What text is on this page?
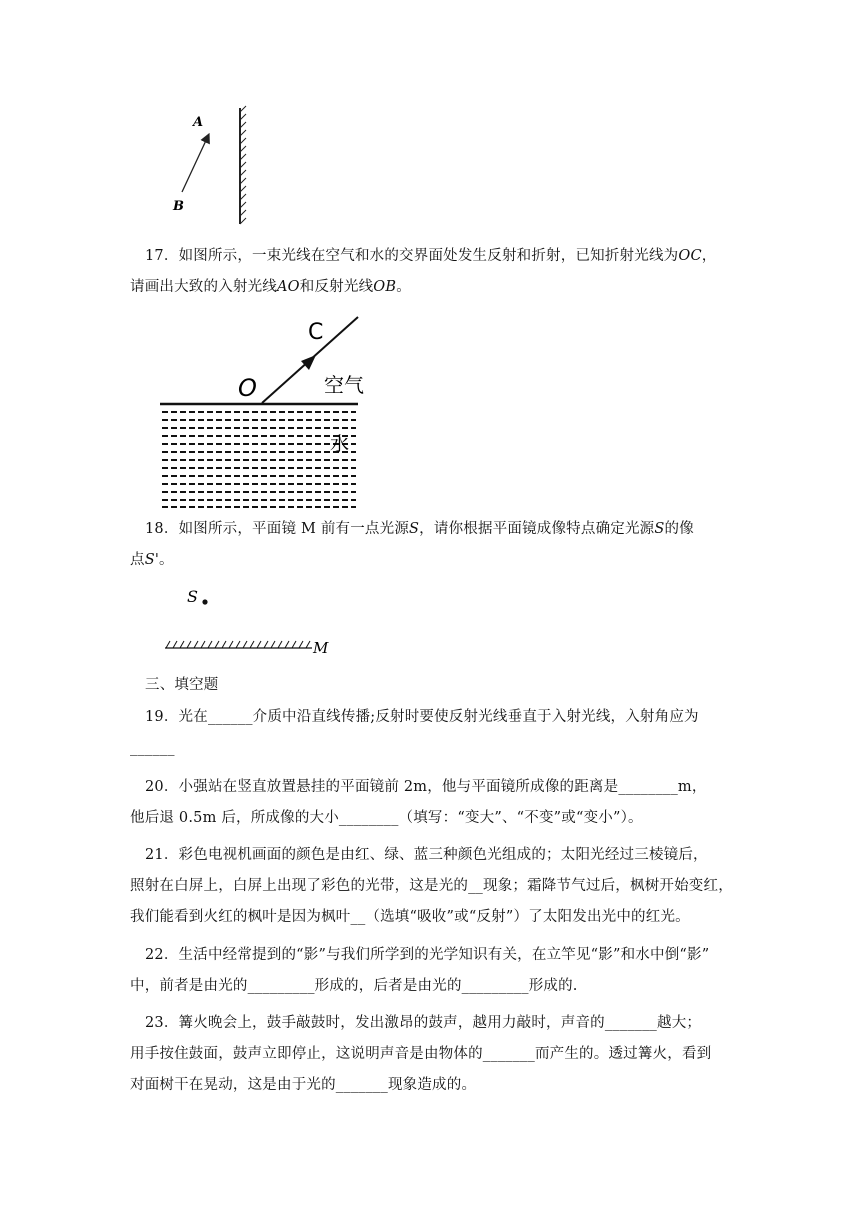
A
B
17．如图所示，一束光线在空气和水的交界面处发生反射和折射，已知折射光线为OC，
请画出大致的入射光线AO和反射光线OB。
C
O	空气
水
18．如图所示，平面镜 M 前有一点光源S，请你根据平面镜成像特点确定光源S的像
点S'。
S
M
三、填空题
19．光在______介质中沿直线传播;反射时要使反射光线垂直于入射光线，入射角应为
______
20．小强站在竖直放置悬挂的平面镜前 2m，他与平面镜所成像的距离是________m，
他后退 0.5m 后，所成像的大小________（填写：“变大”、“不变”或“变小”）。
21．彩色电视机画面的颜色是由红、绿、蓝三种颜色光组成的；太阳光经过三棱镜后，
照射在白屏上，白屏上出现了彩色的光带，这是光的__现象；霜降节气过后，枫树开始变红，
我们能看到火红的枫叶是因为枫叶__（选填“吸收”或“反射”）了太阳发出光中的红光。
22．生活中经常提到的“影”与我们所学到的光学知识有关，在立竿见“影”和水中倒“影”
中，前者是由光的_________形成的，后者是由光的_________形成的.
23．篝火晚会上，鼓手敲鼓时，发出激昂的鼓声，越用力敲时，声音的_______越大；
用手按住鼓面，鼓声立即停止，这说明声音是由物体的_______而产生的。透过篝火，看到
对面树干在晃动，这是由于光的_______现象造成的。
